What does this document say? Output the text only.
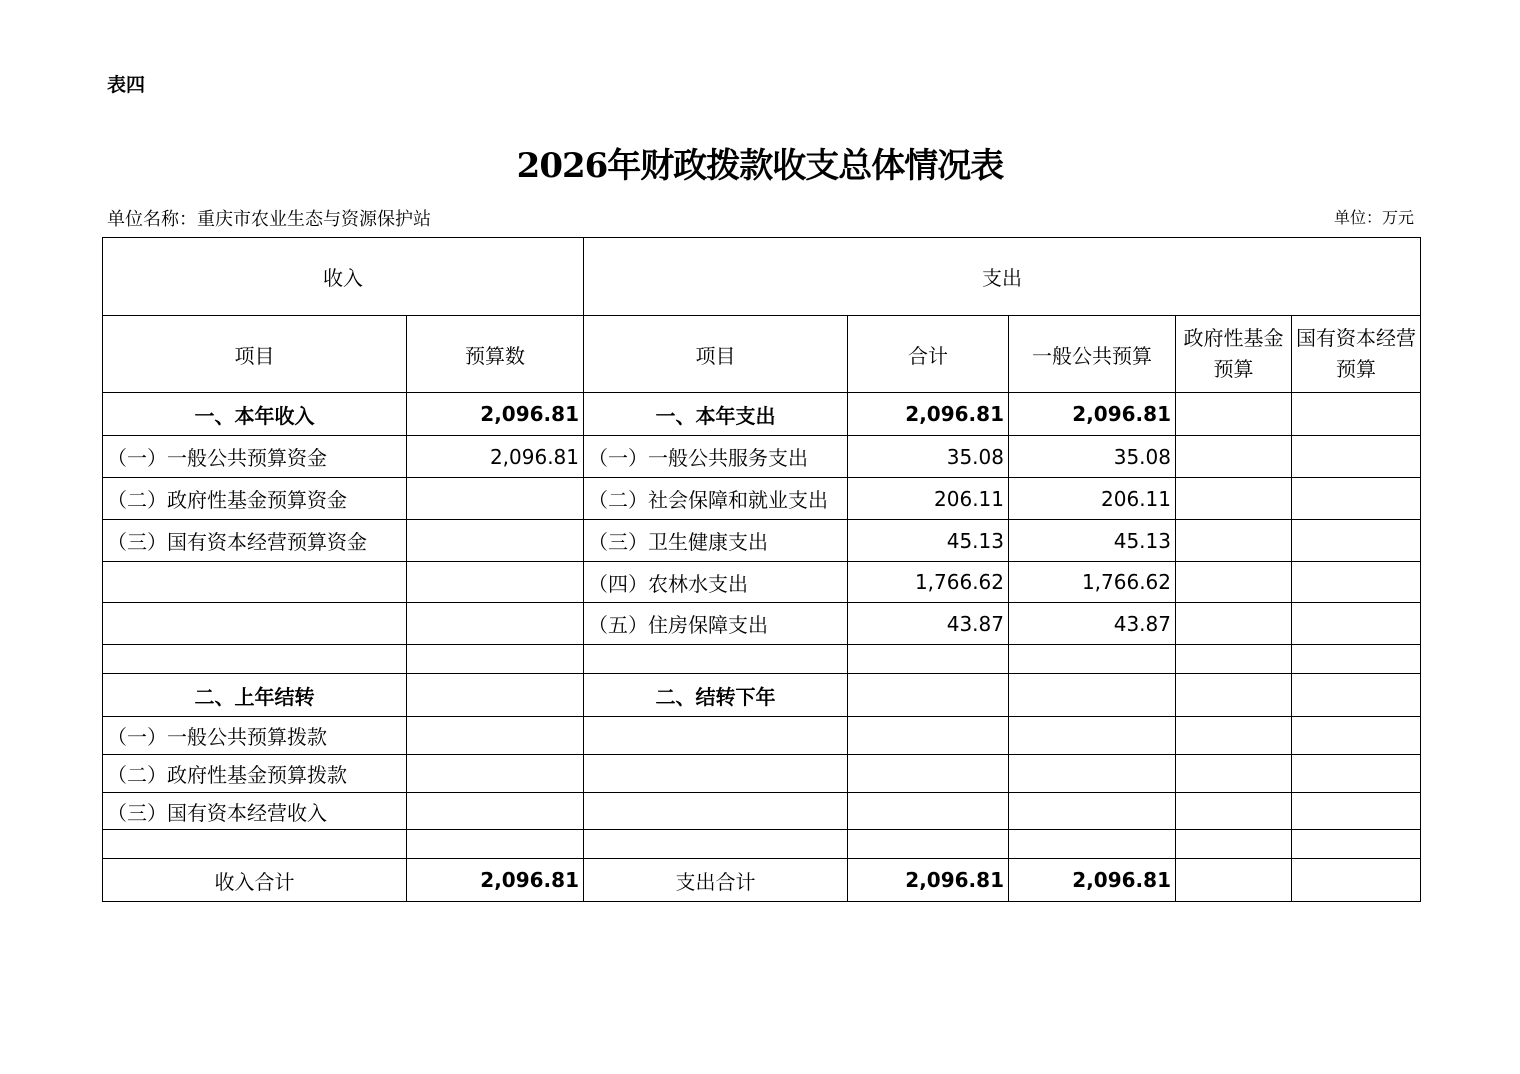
表四
2026年财政拨款收支总体情况表
单位名称：重庆市农业生态与资源保护站	单位：万元
收入		支出				
项目	预算数	项目	合计	一般公共预算	政府性基金预算	国有资本经营预算
一、本年收入	2,096.81	一、本年支出	2,096.81	2,096.81		
（一）一般公共预算资金	2,096.81	（一）一般公共服务支出	35.08	35.08		
（二）政府性基金预算资金		（二）社会保障和就业支出	206.11	206.11		
（三）国有资本经营预算资金		（三）卫生健康支出	45.13	45.13		
		（四）农林水支出	1,766.62	1,766.62		
		（五）住房保障支出	43.87	43.87		

二、上年结转		二、结转下年				
（一）一般公共预算拨款						
（二）政府性基金预算拨款						
（三）国有资本经营收入						

收入合计	2,096.81	支出合计	2,096.81	2,096.81		
